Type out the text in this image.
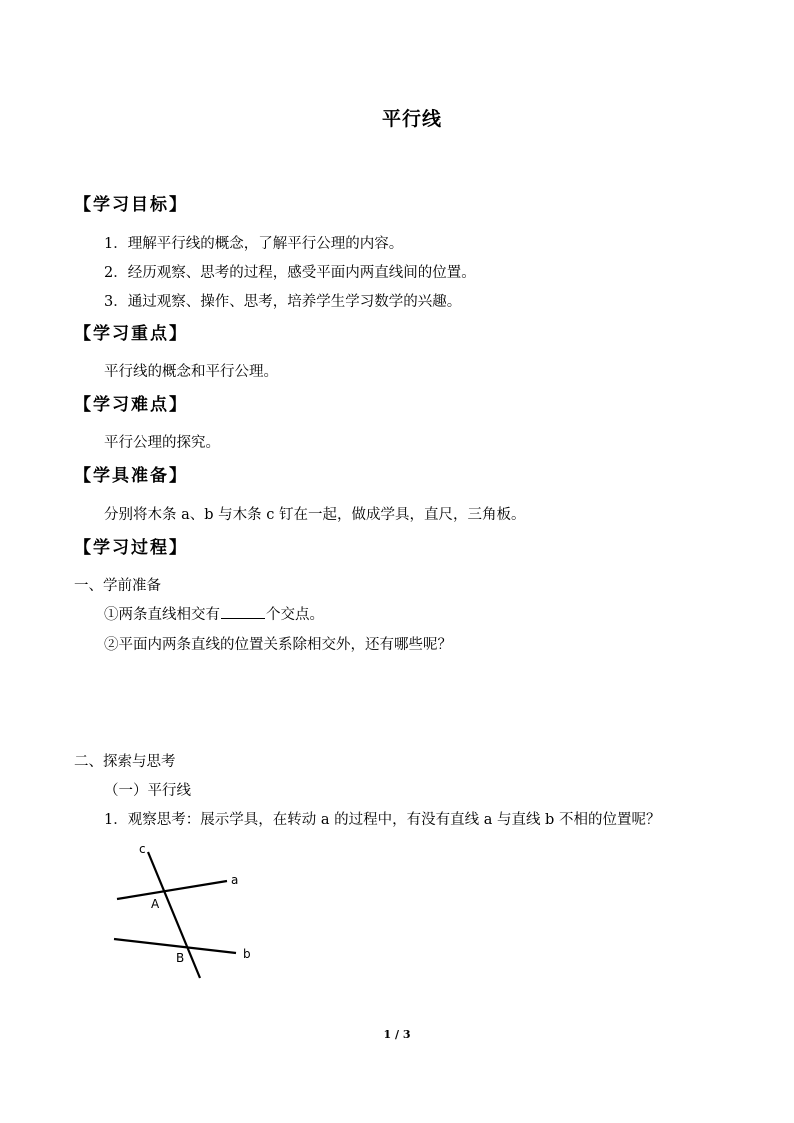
平行线
【学习目标】
1．理解平行线的概念，了解平行公理的内容。
2．经历观察、思考的过程，感受平面内两直线间的位置。
3．通过观察、操作、思考，培养学生学习数学的兴趣。
【学习重点】
平行线的概念和平行公理。
【学习难点】
平行公理的探究。
【学具准备】
分别将木条 a、b 与木条 c 钉在一起，做成学具，直尺，三角板。
【学习过程】
一、学前准备
①两条直线相交有	个交点。
②平面内两条直线的位置关系除相交外，还有哪些呢？
二、探索与思考
（一）平行线
1．观察思考：展示学具，在转动 a 的过程中，有没有直线 a 与直线 b 不相的位置呢？
c
a
A
B	b
1 / 3
